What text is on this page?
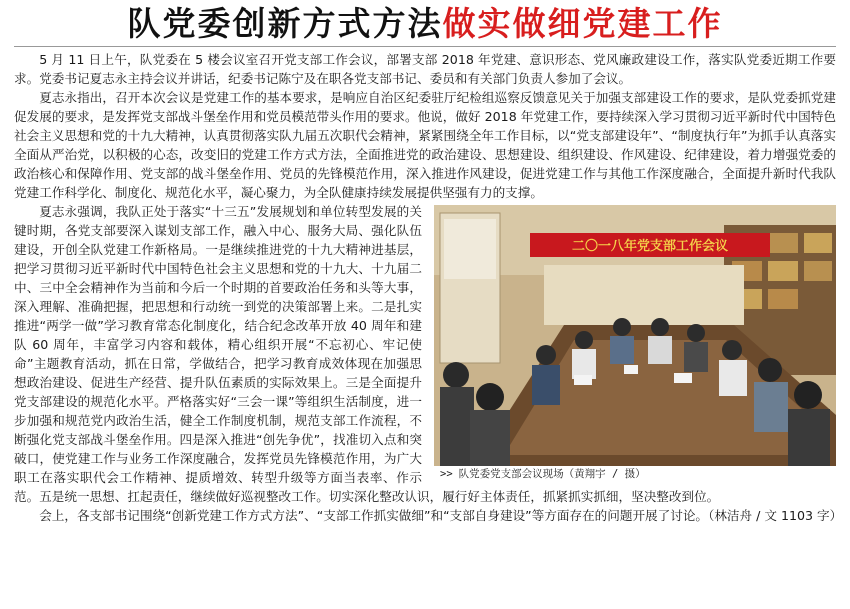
队党委创新方式方法做实做细党建工作

5 月 11 日上午，队党委在 5 楼会议室召开党支部工作会议，部署支部 2018 年党建、意识形态、党风廉政建设工作，落实队党委近期工作要求。党委书记夏志永主持会议并讲话，纪委书记陈宁及在职各党支部书记、委员和有关部门负责人参加了会议。

夏志永指出，召开本次会议是党建工作的基本要求，是响应自治区纪委驻厅纪检组巡察反馈意见关于加强支部建设工作的要求，是队党委抓党建促发展的要求，是发挥党支部战斗堡垒作用和党员模范带头作用的要求。他说，做好 2018 年党建工作，要持续深入学习贯彻习近平新时代中国特色社会主义思想和党的十九大精神，认真贯彻落实队九届五次职代会精神，紧紧围绕全年工作目标，以“党支部建设年”、“制度执行年”为抓手认真落实全面从严治党，以积极的心态，改变旧的党建工作方式方法，全面推进党的政治建设、思想建设、组织建设、作风建设、纪律建设，着力增强党委的政治核心和保障作用、党支部的战斗堡垒作用、党员的先锋模范作用，深入推进作风建设，促进党建工作与其他工作深度融合，全面提升新时代我队党建工作科学化、制度化、规范化水平，凝心聚力，为全队健康持续发展提供坚强有力的支撑。

二〇一八年党支部工作会议
>> 队党委党支部会议现场（黄翔宇 / 摄）

夏志永强调，我队正处于落实“十三五”发展规划和单位转型发展的关键时期，各党支部要深入谋划支部工作，融入中心、服务大局、强化队伍建设，开创全队党建工作新格局。一是继续推进党的十九大精神进基层，把学习贯彻习近平新时代中国特色社会主义思想和党的十九大、十九届二中、三中全会精神作为当前和今后一个时期的首要政治任务和头等大事，深入理解、准确把握，把思想和行动统一到党的决策部署上来。二是扎实推进“两学一做”学习教育常态化制度化，结合纪念改革开放 40 周年和建队 60 周年，丰富学习内容和载体，精心组织开展“不忘初心、牢记使命”主题教育活动，抓在日常，学做结合，把学习教育成效体现在加强思想政治建设、促进生产经营、提升队伍素质的实际效果上。三是全面提升党支部建设的规范化水平。严格落实好“三会一课”等组织生活制度，进一步加强和规范党内政治生活，健全工作制度机制，规范支部工作流程，不断强化党支部战斗堡垒作用。四是深入推进“创先争优”，找准切入点和突破口，使党建工作与业务工作深度融合，发挥党员先锋模范作用，为广大职工在落实职代会工作精神、提质增效、转型升级等方面当表率、作示范。五是统一思想、扛起责任，继续做好巡视整改工作。切实深化整改认识，履行好主体责任，抓紧抓实抓细，坚决整改到位。

会上，各支部书记围绕“创新党建工作方式方法”、“支部工作抓实做细”和“支部自身建设”等方面存在的问题开展了讨论。（林洁舟 / 文 1103 字）
